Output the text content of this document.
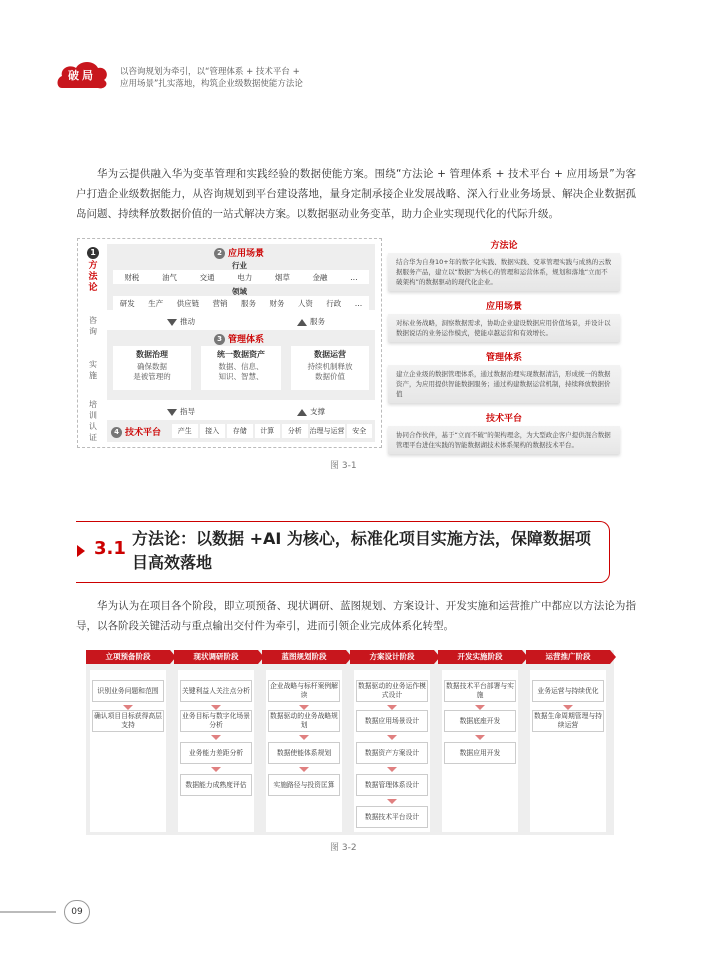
破局	以咨询规划为牵引，以“管理体系 + 技术平台 +
应用场景”扎实落地，构筑企业级数据使能方法论

华为云提供融入华为变革管理和实践经验的数据使能方案。围绕“方法论 + 管理体系 + 技术平台 + 应用场景”为客户打造企业级数据能力，从咨询规划到平台建设落地，量身定制承接企业发展战略、深入行业业务场景、解决企业数据孤岛问题、持续释放数据价值的一站式解决方案。以数据驱动业务变革，助力企业实现现代化的代际升级。

1
方法论
咨询
实施
培训认证
2 应用场景
行业
财税	油气	交通	电力	烟草	金融	…
领域
研发 生产 供应链 营销 服务 财务 人资 行政 …
推动	服务
3 管理体系
数据治理
确保数据
是被管理的
统一数据资产
数据、信息、
知识、智慧、
数据运营
持续机制释放
数据价值
指导	支撑
4 技术平台	产生	接入	存储	计算	分析	治理与运营	安全
图 3-1
方法论
结合华为自身10+年的数字化实践、数据实践、变革管理实践与成熟的云数据服务产品，建立以“数据”为核心的管理和运营体系，规划和落地“立而不破架构”的数据驱动的现代化企业。
应用场景
对标业务战略，洞察数据需求，协助企业建设数据应用价值场景，并设计以数据说话的业务运作模式，使能卓越运营和有效增长。
管理体系
建立企业级的数据管理体系，通过数据治理实现数据清洁，形成统一的数据资产，为应用提供智能数据服务；通过构建数据运营机制，持续释放数据价值
技术平台
协同合作伙伴，基于“立而不破”的架构理念，为大型政企客户提供混合数据管理平台进住实践的智能数据湖技术体系架构的数据技术平台。
3.1 方法论：以数据 +AI 为核心，标准化项目实施方法，保障数据项目高效落地

华为认为在项目各个阶段，即立项预备、现状调研、蓝图规划、方案设计、开发实施和运营推广中都应以方法论为指导，以各阶段关键活动与重点输出交付件为牵引，进而引领企业完成体系化转型。

立项预备阶段
识别业务问题和范围
确认项目目标获得高层支持
现状调研阶段
关键利益人关注点分析
业务目标与数字化场景分析
业务能力差距分析
数据能力成熟度评估
蓝图规划阶段
企业战略与标杆案例解读
数据驱动的业务战略规划
数据使能体系规划
实施路径与投资匡算
方案设计阶段
数据驱动的业务运作模式设计
数据应用场景设计
数据资产方案设计
数据管理体系设计
数据技术平台设计
开发实施阶段
数据技术平台部署与实施
数据底座开发
数据应用开发
运营推广阶段
业务运营与持续优化
数据生命周期管理与持续运营
图 3-2
09
